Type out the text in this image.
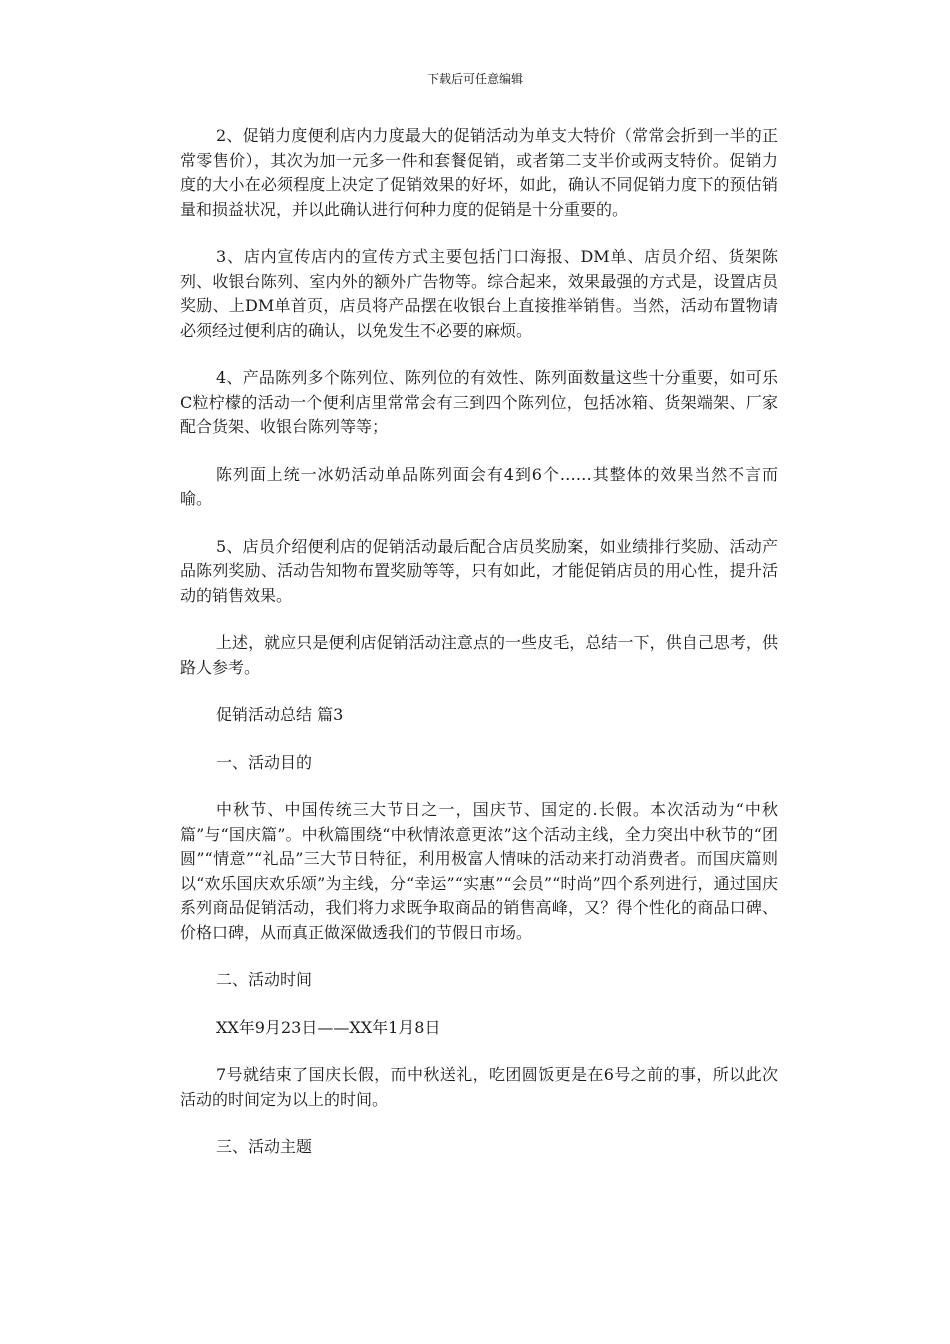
下载后可任意编辑

2、促销力度便利店内力度最大的促销活动为单支大特价（常常会折到一半的正常零售价），其次为加一元多一件和套餐促销，或者第二支半价或两支特价。促销力度的大小在必须程度上决定了促销效果的好坏，如此，确认不同促销力度下的预估销量和损益状况，并以此确认进行何种力度的促销是十分重要的。

3、店内宣传店内的宣传方式主要包括门口海报、DM单、店员介绍、货架陈列、收银台陈列、室内外的额外广告物等。综合起来，效果最强的方式是，设置店员奖励、上DM单首页，店员将产品摆在收银台上直接推举销售。当然，活动布置物请必须经过便利店的确认，以免发生不必要的麻烦。

4、产品陈列多个陈列位、陈列位的有效性、陈列面数量这些十分重要，如可乐C粒柠檬的活动一个便利店里常常会有三到四个陈列位，包括冰箱、货架端架、厂家配合货架、收银台陈列等等；

陈列面上统一冰奶活动单品陈列面会有4到6个……其整体的效果当然不言而喻。

5、店员介绍便利店的促销活动最后配合店员奖励案，如业绩排行奖励、活动产品陈列奖励、活动告知物布置奖励等等，只有如此，才能促销店员的用心性，提升活动的销售效果。

上述，就应只是便利店促销活动注意点的一些皮毛，总结一下，供自己思考，供路人参考。

促销活动总结 篇3

一、活动目的

中秋节、中国传统三大节日之一，国庆节、国定的.长假。本次活动为“中秋篇”与“国庆篇”。中秋篇围绕“中秋情浓意更浓”这个活动主线，全力突出中秋节的“团圆”“情意”“礼品”三大节日特征，利用极富人情味的活动来打动消费者。而国庆篇则以“欢乐国庆欢乐颂”为主线，分“幸运”“实惠”“会员”“时尚”四个系列进行，通过国庆系列商品促销活动，我们将力求既争取商品的销售高峰，又？得个性化的商品口碑、价格口碑，从而真正做深做透我们的节假日市场。

二、活动时间

XX年9月23日——XX年1月8日

7号就结束了国庆长假，而中秋送礼，吃团圆饭更是在6号之前的事，所以此次活动的时间定为以上的时间。

三、活动主题
